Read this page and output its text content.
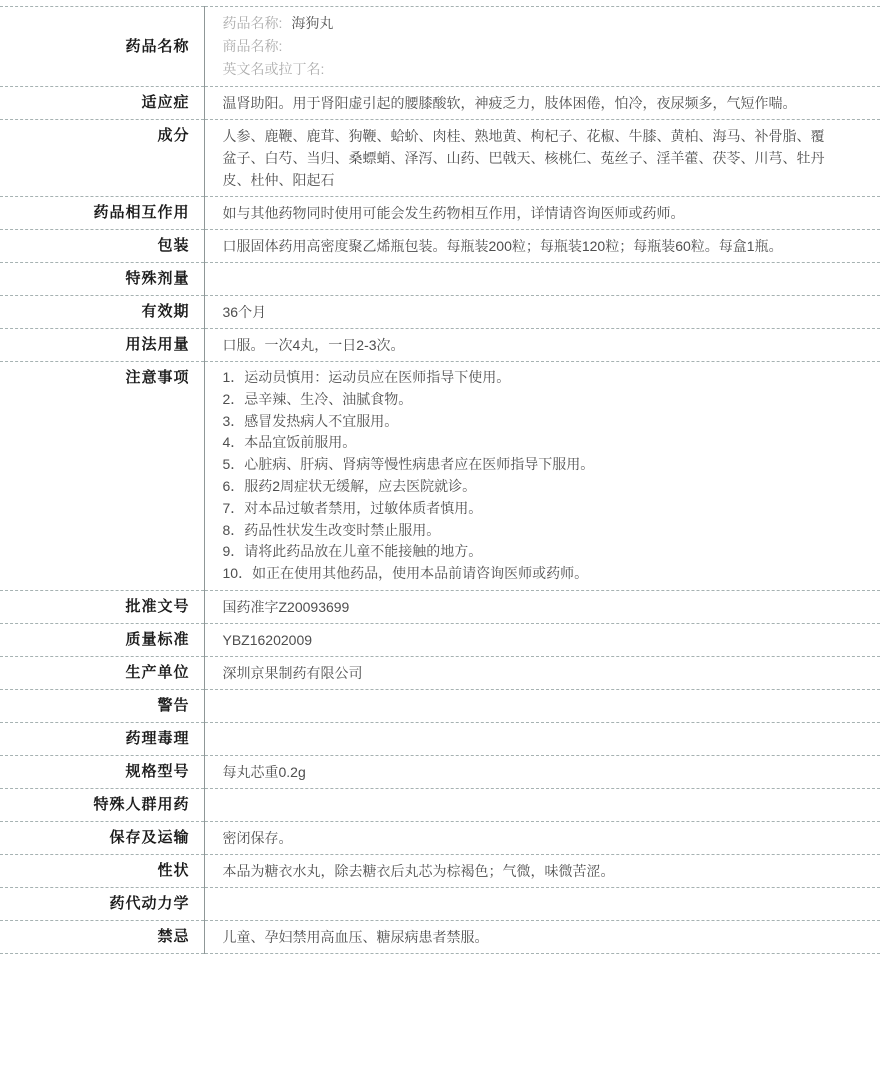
药品名称	药品名称: 海狗丸
商品名称:
英文名或拉丁名:

适应症	温肾助阳。用于肾阳虚引起的腰膝酸软，神疲乏力，肢体困倦，怕冷，夜尿频多，气短作喘。
成分	人参、鹿鞭、鹿茸、狗鞭、蛤蚧、肉桂、熟地黄、枸杞子、花椒、牛膝、黄柏、海马、补骨脂、覆盆子、白芍、当归、桑螵蛸、泽泻、山药、巴戟天、核桃仁、菟丝子、淫羊藿、茯苓、川芎、牡丹皮、杜仲、阳起石
药品相互作用	如与其他药物同时使用可能会发生药物相互作用，详情请咨询医师或药师。
包装	口服固体药用高密度聚乙烯瓶包装。每瓶装200粒；每瓶装120粒；每瓶装60粒。每盒1瓶。
特殊剂量	
有效期	36个月
用法用量	口服。一次4丸，一日2-3次。
注意事项	1．运动员慎用：运动员应在医师指导下使用。
2．忌辛辣、生冷、油腻食物。
3．感冒发热病人不宜服用。
4．本品宜饭前服用。
5．心脏病、肝病、肾病等慢性病患者应在医师指导下服用。
6．服药2周症状无缓解，应去医院就诊。
7．对本品过敏者禁用，过敏体质者慎用。
8．药品性状发生改变时禁止服用。
9．请将此药品放在儿童不能接触的地方。
10．如正在使用其他药品，使用本品前请咨询医师或药师。

批准文号	国药准字Z20093699
质量标准	YBZ16202009
生产单位	深圳京果制药有限公司
警告	
药理毒理	
规格型号	每丸芯重0.2g
特殊人群用药	
保存及运输	密闭保存。
性状	本品为糖衣水丸，除去糖衣后丸芯为棕褐色；气微，味微苦涩。
药代动力学	
禁忌	儿童、孕妇禁用高血压、糖尿病患者禁服。
